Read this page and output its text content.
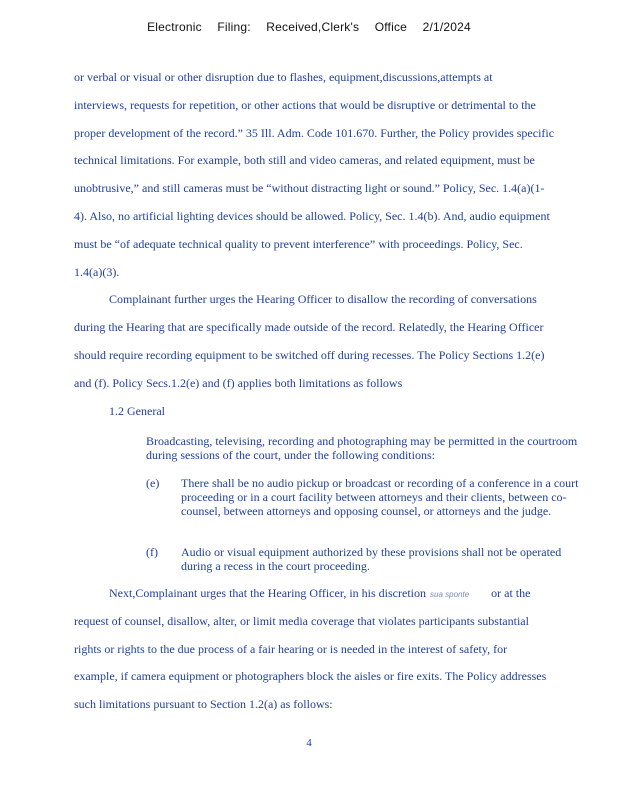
Electronic Filing: Received,Clerk's Office 2/1/2024
or verbal or visual or other disruption due to flashes, equipment,discussions,attempts at
interviews, requests for repetition, or other actions that would be disruptive or detrimental to the
proper development of the record.” 35 Ill. Adm. Code 101.670. Further, the Policy provides specific
technical limitations. For example, both still and video cameras, and related equipment, must be
unobtrusive,” and still cameras must be “without distracting light or sound.” Policy, Sec. 1.4(a)(1-
4). Also, no artificial lighting devices should be allowed. Policy, Sec. 1.4(b). And, audio equipment
must be “of adequate technical quality to prevent interference” with proceedings. Policy, Sec.
1.4(a)(3).
Complainant further urges the Hearing Officer to disallow the recording of conversations
during the Hearing that are specifically made outside of the record. Relatedly, the Hearing Officer
should require recording equipment to be switched off during recesses. The Policy Sections 1.2(e)
and (f). Policy Secs.1.2(e) and (f) applies both limitations as follows
1.2 General
Broadcasting, televising, recording and photographing may be permitted in the courtroom during sessions of the court, under the following conditions:
(e)	There shall be no audio pickup or broadcast or recording of a conference in a court proceeding or in a court facility between attorneys and their clients, between co-counsel, between attorneys and opposing counsel, or attorneys and the judge.
(f)	Audio or visual equipment authorized by these provisions shall not be operated during a recess in the court proceeding.
Next,Complainant urges that the Hearing Officer, in his discretion sua sponte or at the
request of counsel, disallow, alter, or limit media coverage that violates participants substantial
rights or rights to the due process of a fair hearing or is needed in the interest of safety, for
example, if camera equipment or photographers block the aisles or fire exits. The Policy addresses
such limitations pursuant to Section 1.2(a) as follows:
4
